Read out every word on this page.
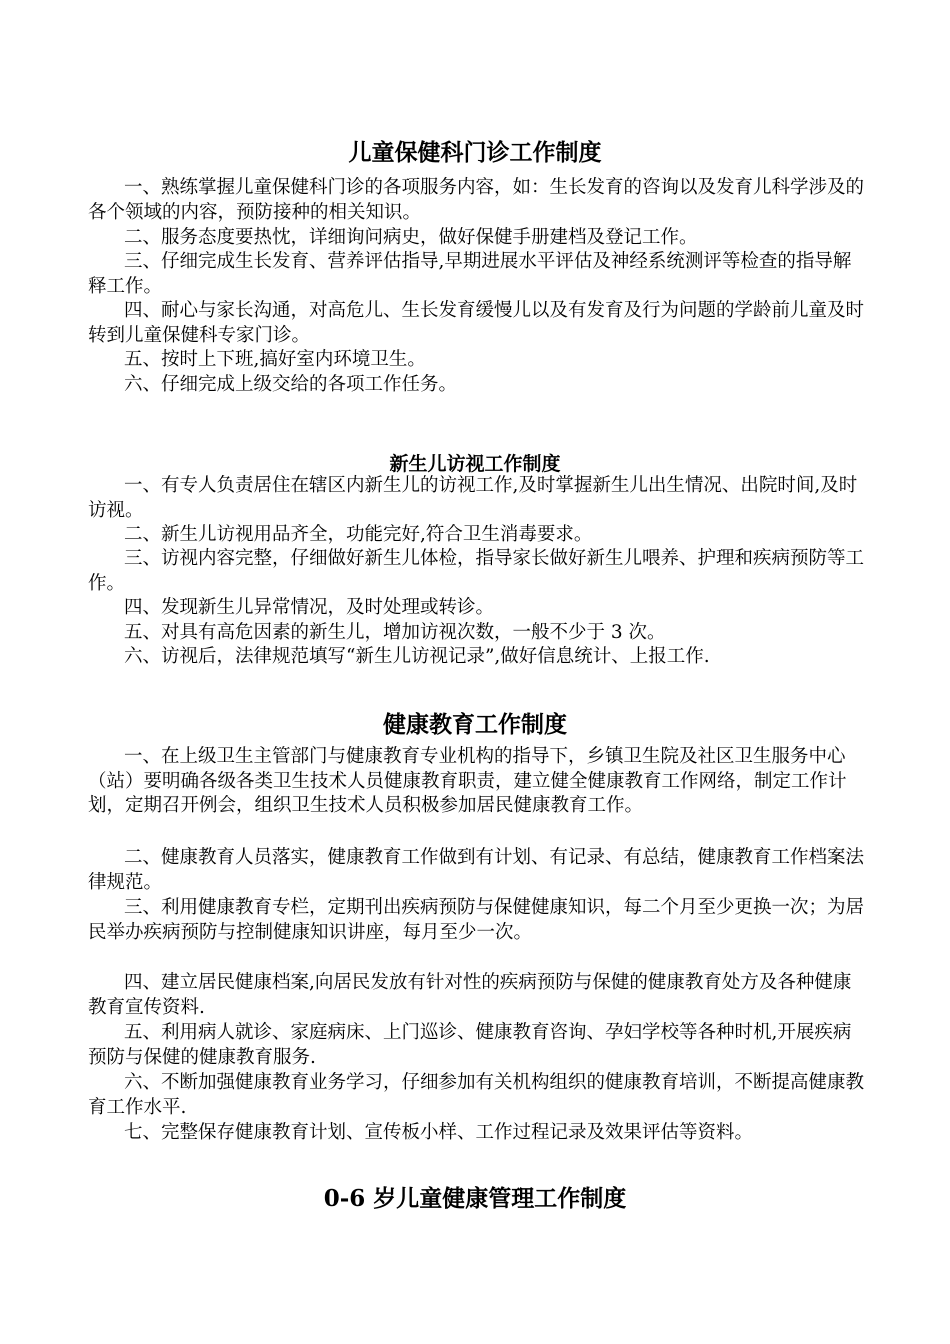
儿童保健科门诊工作制度

一、熟练掌握儿童保健科门诊的各项服务内容，如：生长发育的咨询以及发育儿科学涉及的各个领域的内容，预防接种的相关知识。

二、服务态度要热忱，详细询问病史，做好保健手册建档及登记工作。

三、仔细完成生长发育、营养评估指导,早期进展水平评估及神经系统测评等检查的指导解释工作。

四、耐心与家长沟通，对高危儿、生长发育缓慢儿以及有发育及行为问题的学龄前儿童及时转到儿童保健科专家门诊。

五、按时上下班,搞好室内环境卫生。

六、仔细完成上级交给的各项工作任务。

新生儿访视工作制度

一、有专人负责居住在辖区内新生儿的访视工作,及时掌握新生儿出生情况、出院时间,及时访视。

二、新生儿访视用品齐全，功能完好,符合卫生消毒要求。

三、访视内容完整，仔细做好新生儿体检，指导家长做好新生儿喂养、护理和疾病预防等工作。

四、发现新生儿异常情况，及时处理或转诊。

五、对具有高危因素的新生儿，增加访视次数，一般不少于 3 次。

六、访视后，法律规范填写“新生儿访视记录”,做好信息统计、上报工作.

健康教育工作制度

一、在上级卫生主管部门与健康教育专业机构的指导下，乡镇卫生院及社区卫生服务中心（站）要明确各级各类卫生技术人员健康教育职责，建立健全健康教育工作网络，制定工作计划，定期召开例会，组织卫生技术人员积极参加居民健康教育工作。

二、健康教育人员落实，健康教育工作做到有计划、有记录、有总结，健康教育工作档案法律规范。

三、利用健康教育专栏，定期刊出疾病预防与保健健康知识，每二个月至少更换一次；为居民举办疾病预防与控制健康知识讲座，每月至少一次。

四、建立居民健康档案,向居民发放有针对性的疾病预防与保健的健康教育处方及各种健康教育宣传资料.

五、利用病人就诊、家庭病床、上门巡诊、健康教育咨询、孕妇学校等各种时机,开展疾病预防与保健的健康教育服务.

六、不断加强健康教育业务学习，仔细参加有关机构组织的健康教育培训，不断提高健康教育工作水平.

七、完整保存健康教育计划、宣传板小样、工作过程记录及效果评估等资料。

0-6 岁儿童健康管理工作制度
